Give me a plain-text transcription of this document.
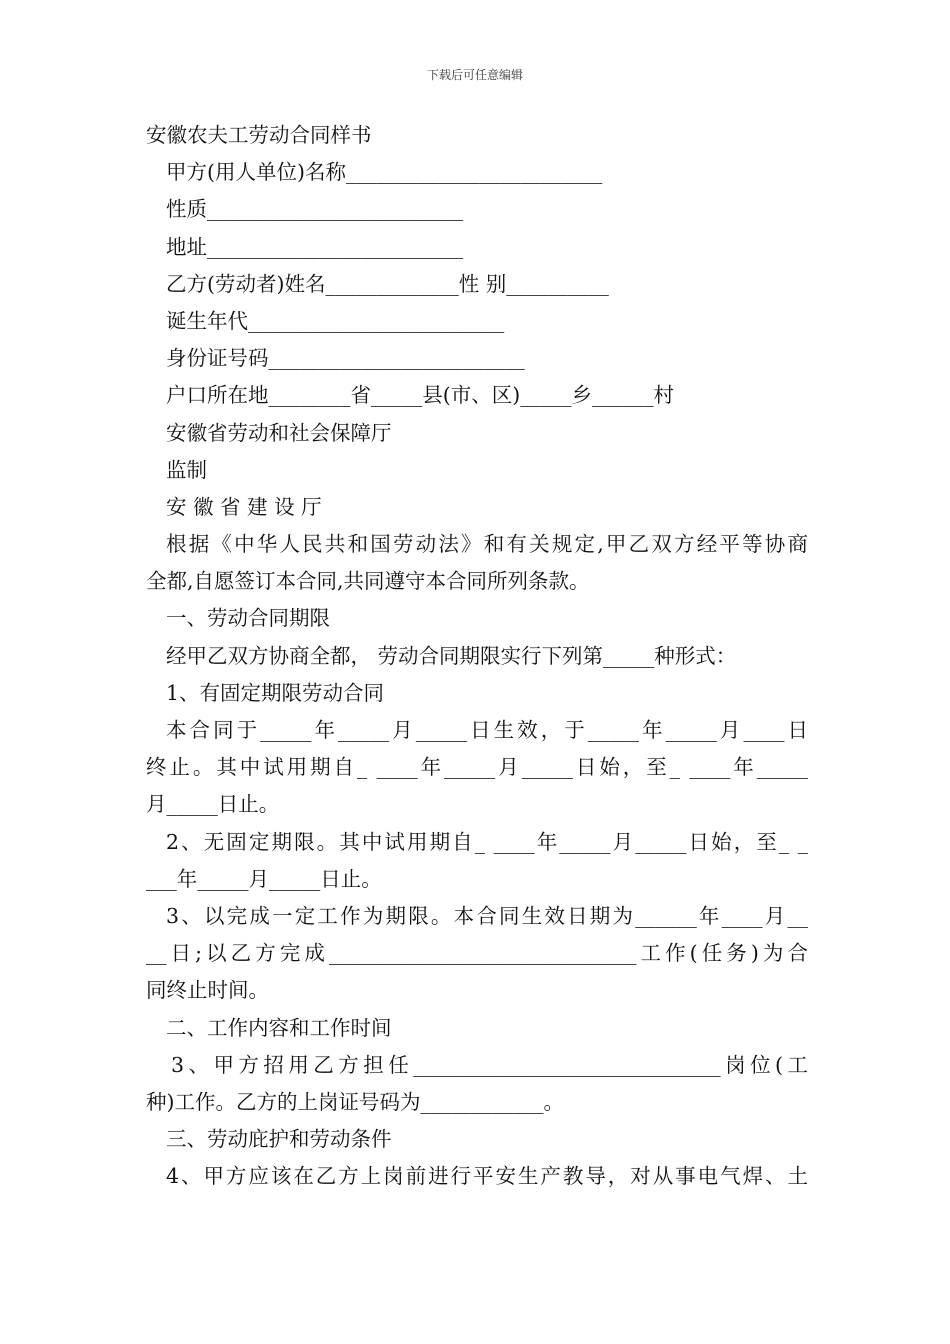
下载后可任意编辑
安徽农夫工劳动合同样书
甲方(用人单位)名称_________________________
性质_________________________
地址_________________________
乙方(劳动者)姓名_____________性 别__________
诞生年代_________________________
身份证号码_________________________
户口所在地________省_____县(市、区)_____乡______村
安徽省劳动和社会保障厅
监制
安 徽 省 建 设 厅
根据《中华人民共和国劳动法》和有关规定,甲乙双方经平等协商
全都,自愿签订本合同,共同遵守本合同所列条款。
一、劳动合同期限
经甲乙双方协商全都， 劳动合同期限实行下列第_____种形式：
1、有固定期限劳动合同
本合同于_____年_____月_____日生效，于_____年_____月____日
终止。其中试用期自_ ____年_____月_____日始，至_ ____年_____
月_____日止。
2、无固定期限。其中试用期自_ ____年_____月_____日始，至_ _
___年_____月_____日止。
3、以完成一定工作为期限。本合同生效日期为______年____月__
__日;以乙方完成______________________________工作(任务)为合
同终止时间。
二、工作内容和工作时间
3、甲方招用乙方担任______________________________岗位(工
种)工作。乙方的上岗证号码为____________。
三、劳动庇护和劳动条件
4、甲方应该在乙方上岗前进行平安生产教导，对从事电气焊、土
